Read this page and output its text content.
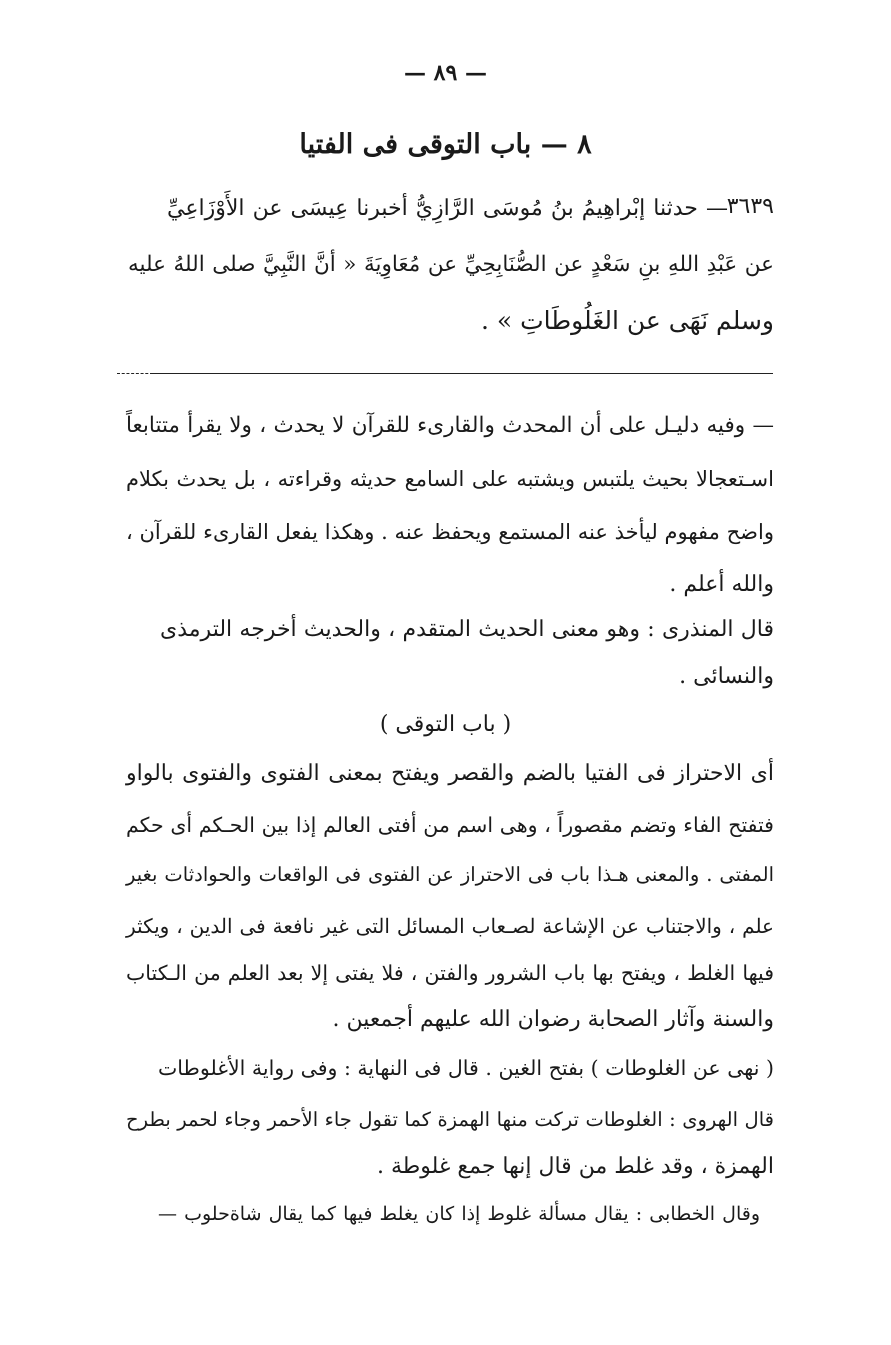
— ٨٩ —
٨ — باب التوقى فى الفتيا
— حدثنا إبْراهِيمُ بنُ مُوسَى الرَّازِيُّ أخبرنا عِيسَى عن الأَوْزَاعِيِّ
٣٦٣٩
عن عَبْدِ اللهِ بنِ سَعْدٍ عن الصُّنَابِحِيِّ عن مُعَاوِيَةَ « أنَّ النَّبِيَّ صلى اللهُ عليه
وسلم نَهَى عن الغَلُوطَاتِ » .
— وفيه دليـل على أن المحدث والقارىء للقرآن لا يحدث ، ولا يقرأ متتابعاً
اسـتعجالا بحيث يلتبس ويشتبه على السامع حديثه وقراءته ، بل يحدث بكلام
واضح مفهوم ليأخذ عنه المستمع ويحفظ عنه . وهكذا يفعل القارىء للقرآن ،
والله أعلم .
قال المنذرى : وهو معنى الحديث المتقدم ، والحديث أخرجه الترمذى
والنسائى .
( باب التوقى )
أى الاحتراز فى الفتيا بالضم والقصر ويفتح بمعنى الفتوى والفتوى بالواو
فتفتح الفاء وتضم مقصوراً ، وهى اسم من أفتى العالم إذا بين الحـكم أى حكم
المفتى . والمعنى هـذا باب فى الاحتراز عن الفتوى فى الواقعات والحوادثات بغير
علم ، والاجتناب عن الإشاعة لصـعاب المسائل التى غير نافعة فى الدين ، ويكثر
فيها الغلط ، ويفتح بها باب الشرور والفتن ، فلا يفتى إلا بعد العلم من الـكتاب
والسنة وآثار الصحابة رضوان الله عليهم أجمعين .
( نهى عن الغلوطات ) بفتح الغين . قال فى النهاية : وفى رواية الأغلوطات
قال الهروى : الغلوطات تركت منها الهمزة كما تقول جاء الأحمر وجاء لحمر بطرح
الهمزة ، وقد غلط من قال إنها جمع غلوطة .
وقال الخطابى : يقال مسألة غلوط إذا كان يغلط فيها كما يقال شاةحلوب —
